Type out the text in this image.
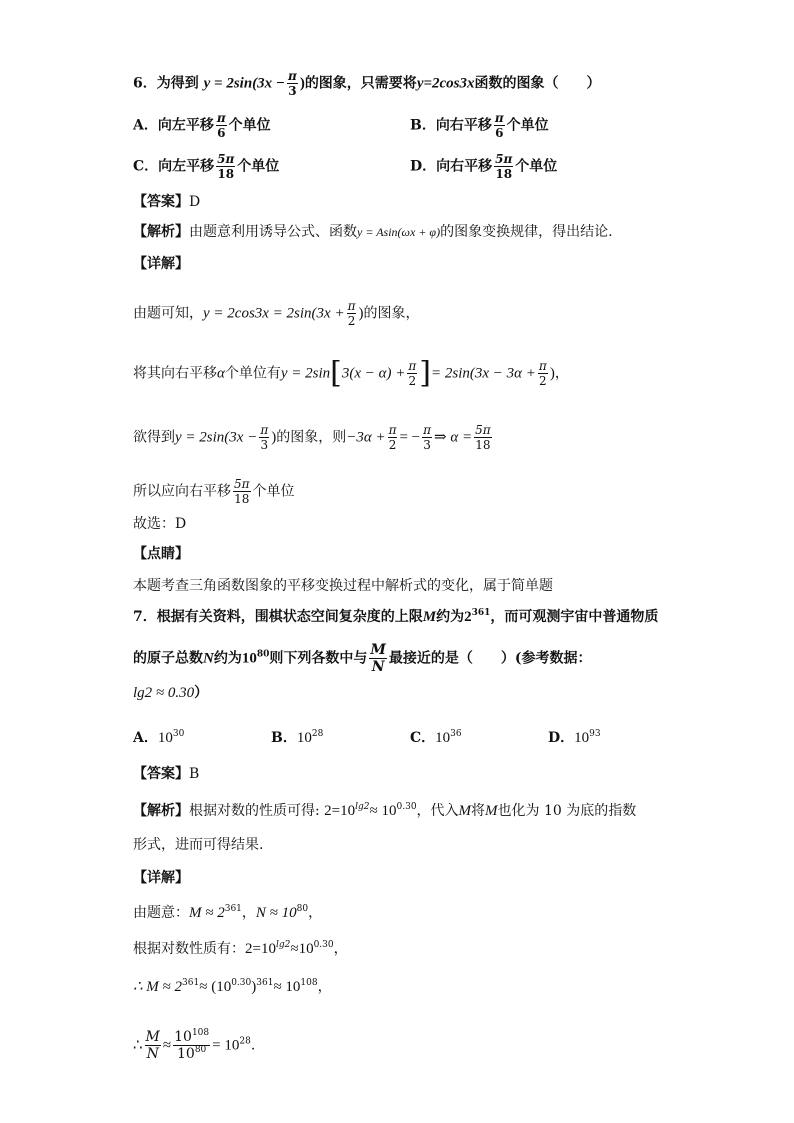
6．为得到 $y = 2\sin(3x - \frac{\pi}{3}$ )的图象，只需要将y=2cos3x函数的图象（　　）
A．向左平移 $\frac{\pi}{6}$ 个单位	B．向右平移 $\frac{\pi}{6}$ 个单位
C．向左平移 $\frac{5\pi}{18}$ 个单位	D．向右平移 $\frac{5\pi}{18}$ 个单位
【答案】D
【解析】由题意利用诱导公式、函数y = Asin(ωx + φ)的图象变换规律，得出结论.
【详解】
由题可知，$y = 2\cos 3x = 2\sin(3x + \frac{\pi}{2}$ )的图象，
将其向右平移α个单位有$y = 2\sin[3(x - \alpha) + \frac{\pi}{2}$ ]= $2\sin(3x - 3\alpha + \frac{\pi}{2}$ )，
欲得到$y = 2\sin(3x - \frac{\pi}{3}$ )的图象，则$-3\alpha + \frac{\pi}{2}$ = − $\frac{\pi}{3}$ ⇒ $\alpha = \frac{5\pi}{18}$
所以应向右平移 $\frac{5\pi}{18}$ 个单位
故选：D
【点睛】
本题考查三角函数图象的平移变换过程中解析式的变化，属于简单题
7．根据有关资料，围棋状态空间复杂度的上限M约为$2^{361}$，而可观测宇宙中普通物质
的原子总数N约为$10^{80}$则下列各数中与 $\frac{M}{N}$ 最接近的是（　　）(参考数据：
lg2 ≈ 0.30）
A．$10^{30}$	B．$10^{28}$	C．$10^{36}$	D．$10^{93}$
【答案】B
【解析】根据对数的性质可得: $2=10^{lg2}\approx 10^{0.30}$，代入M将M也化为 10 为底的指数
形式，进而可得结果.
【详解】
由题意：$M \approx 2^{361}$，$N \approx 10^{80}$，
根据对数性质有：$2=10^{lg2}\approx 10^{0.30}$，
∴ $M \approx 2^{361}\approx (10^{0.30})^{361}\approx 10^{108}$，
∴ $\frac{M}{N} \approx \frac{10^{108}}{10^{80}} = 10^{28}$.
